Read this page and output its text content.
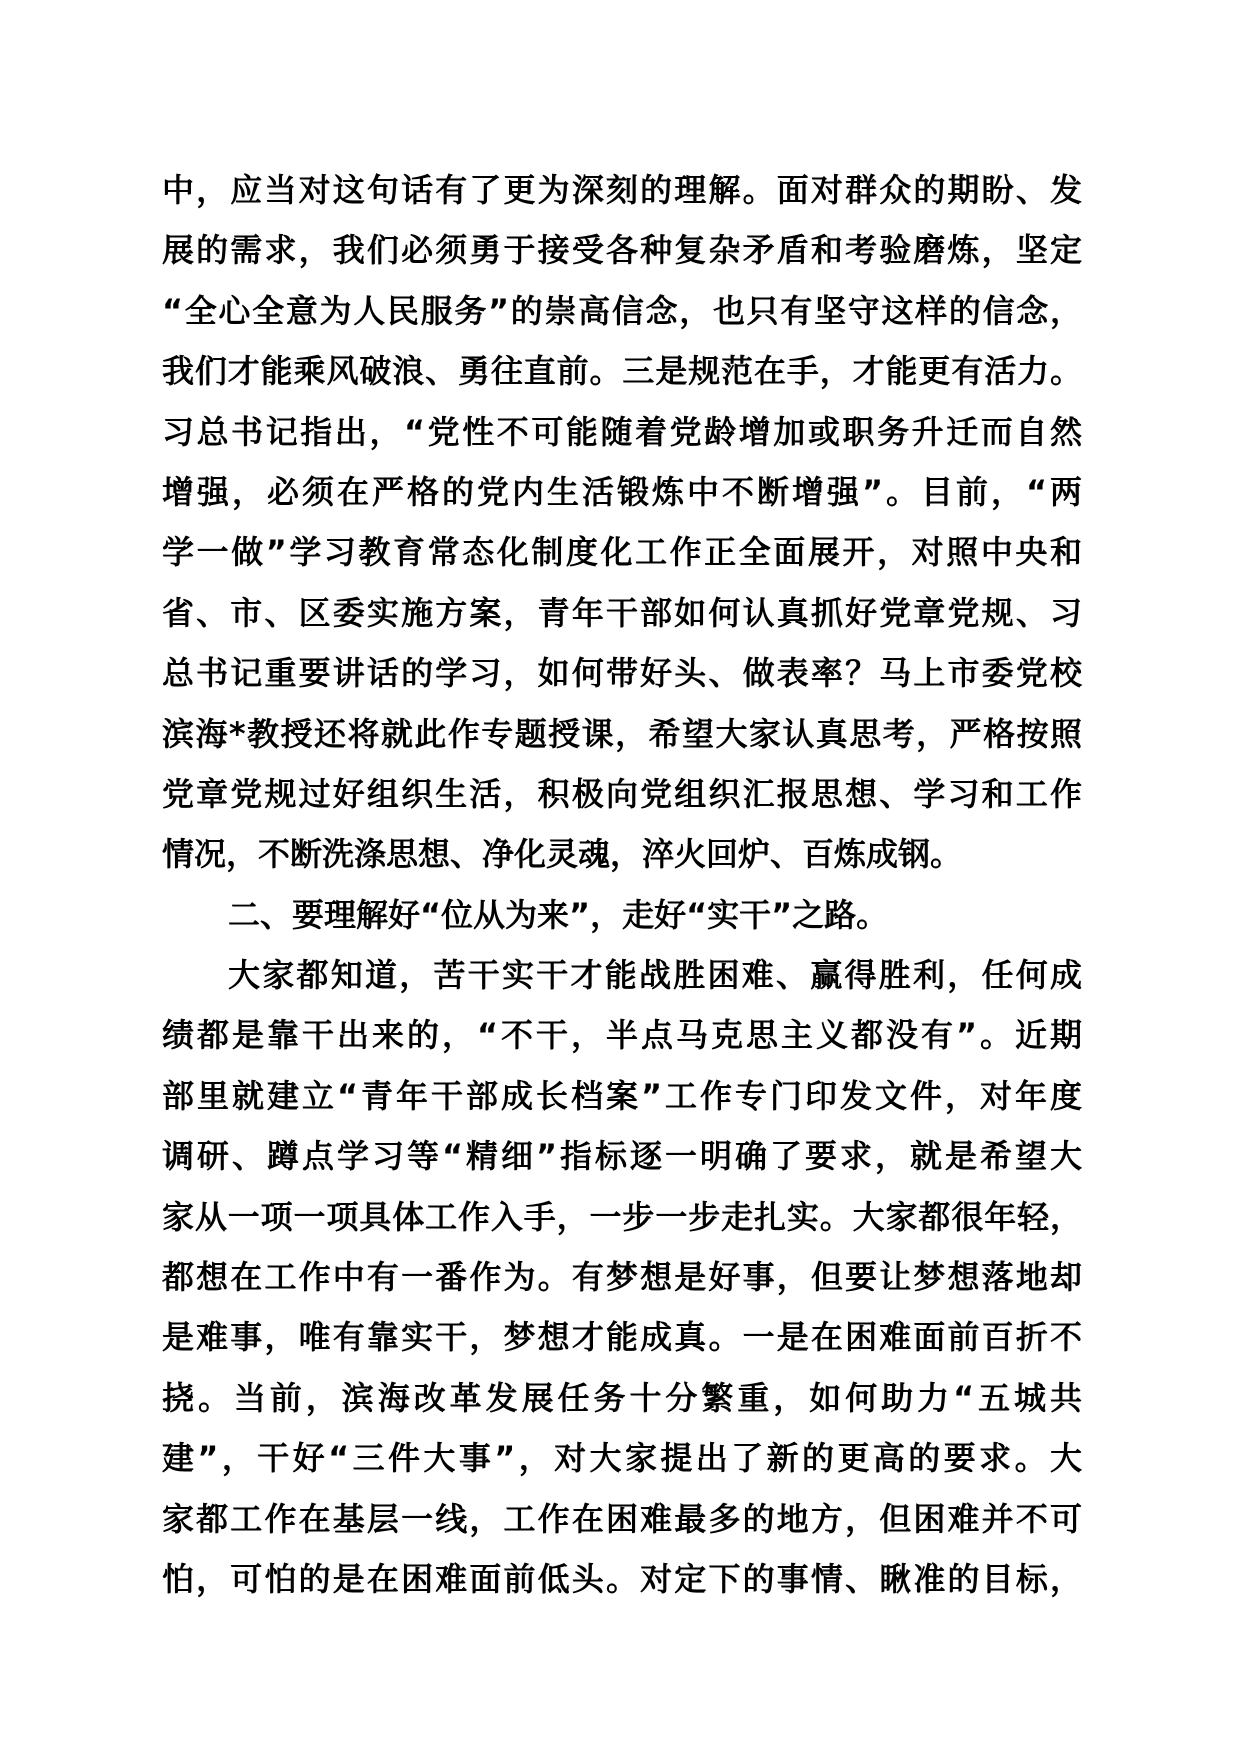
中，应当对这句话有了更为深刻的理解。面对群众的期盼、发
展的需求，我们必须勇于接受各种复杂矛盾和考验磨炼，坚定
“全心全意为人民服务”的崇高信念，也只有坚守这样的信念，
我们才能乘风破浪、勇往直前。三是规范在手，才能更有活力。
习总书记指出，“党性不可能随着党龄增加或职务升迁而自然
增强，必须在严格的党内生活锻炼中不断增强”。目前，“两
学一做”学习教育常态化制度化工作正全面展开，对照中央和
省、市、区委实施方案，青年干部如何认真抓好党章党规、习
总书记重要讲话的学习，如何带好头、做表率？马上市委党校
滨海*教授还将就此作专题授课，希望大家认真思考，严格按照
党章党规过好组织生活，积极向党组织汇报思想、学习和工作
情况，不断洗涤思想、净化灵魂，淬火回炉、百炼成钢。
二、要理解好“位从为来”，走好“实干”之路。
大家都知道，苦干实干才能战胜困难、赢得胜利，任何成
绩都是靠干出来的，“不干，半点马克思主义都没有”。近期
部里就建立“青年干部成长档案”工作专门印发文件，对年度
调研、蹲点学习等“精细”指标逐一明确了要求，就是希望大
家从一项一项具体工作入手，一步一步走扎实。大家都很年轻，
都想在工作中有一番作为。有梦想是好事，但要让梦想落地却
是难事，唯有靠实干，梦想才能成真。一是在困难面前百折不
挠。当前，滨海改革发展任务十分繁重，如何助力“五城共
建”，干好“三件大事”，对大家提出了新的更高的要求。大
家都工作在基层一线，工作在困难最多的地方，但困难并不可
怕，可怕的是在困难面前低头。对定下的事情、瞅准的目标，
